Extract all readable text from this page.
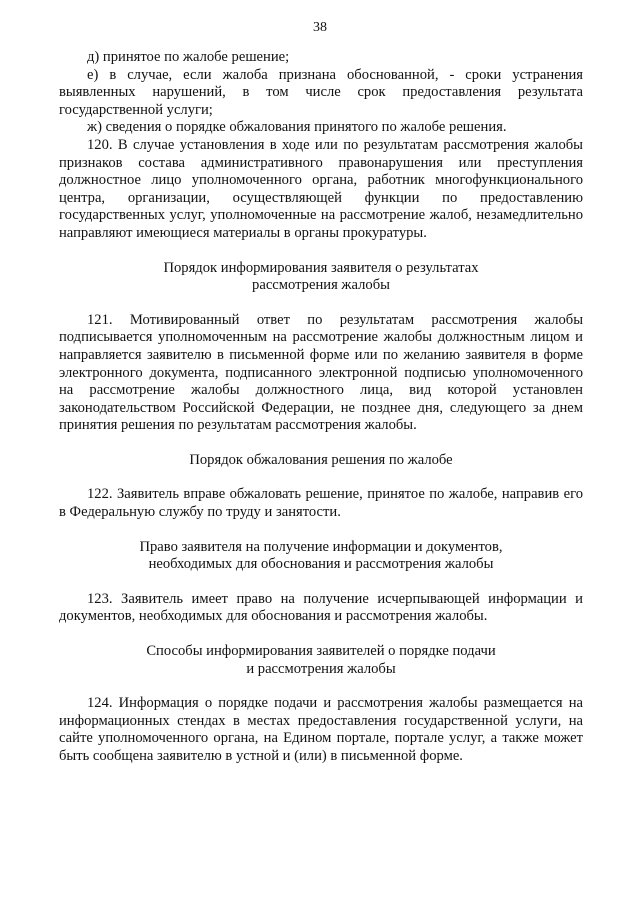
38

д) принятое по жалобе решение;

е) в случае, если жалоба признана обоснованной, - сроки устранения выявленных нарушений, в том числе срок предоставления результата государственной услуги;

ж) сведения о порядке обжалования принятого по жалобе решения.

120. В случае установления в ходе или по результатам рассмотрения жалобы признаков состава административного правонарушения или преступления должностное лицо уполномоченного органа, работник многофункционального центра, организации, осуществляющей функции по предоставлению государственных услуг, уполномоченные на рассмотрение жалоб, незамедлительно направляют имеющиеся материалы в органы прокуратуры.

Порядок информирования заявителя о результатах

рассмотрения жалобы

121. Мотивированный ответ по результатам рассмотрения жалобы подписывается уполномоченным на рассмотрение жалобы должностным лицом и направляется заявителю в письменной форме или по желанию заявителя в форме электронного документа, подписанного электронной подписью уполномоченного на рассмотрение жалобы должностного лица, вид которой установлен законодательством Российской Федерации, не позднее дня, следующего за днем принятия решения по результатам рассмотрения жалобы.

Порядок обжалования решения по жалобе

122. Заявитель вправе обжаловать решение, принятое по жалобе, направив его в Федеральную службу по труду и занятости.

Право заявителя на получение информации и документов,

необходимых для обоснования и рассмотрения жалобы

123. Заявитель имеет право на получение исчерпывающей информации и документов, необходимых для обоснования и рассмотрения жалобы.

Способы информирования заявителей о порядке подачи

и рассмотрения жалобы

124. Информация о порядке подачи и рассмотрения жалобы размещается на информационных стендах в местах предоставления государственной услуги, на сайте уполномоченного органа, на Едином портале, портале услуг, а также может быть сообщена заявителю в устной и (или) в письменной форме.
